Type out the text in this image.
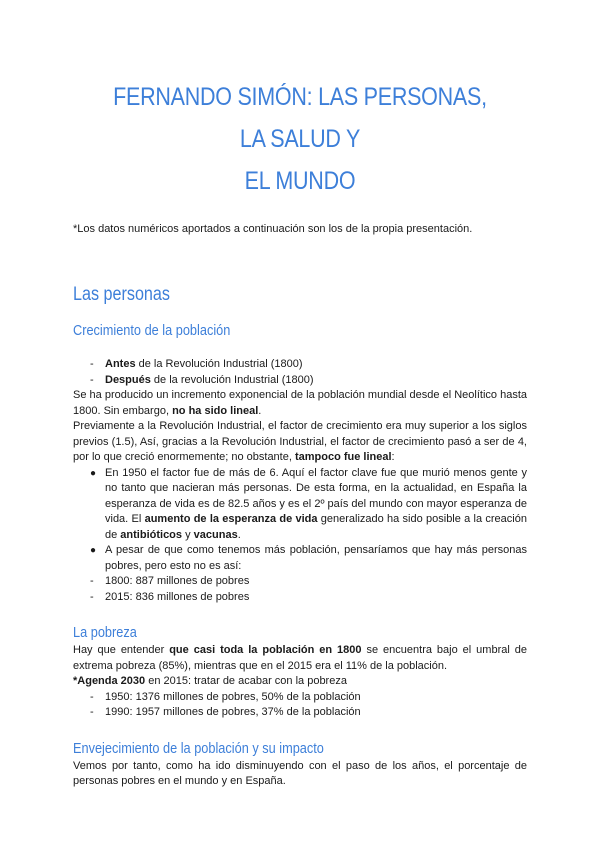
FERNANDO SIMÓN: LAS PERSONAS, LA SALUD Y
EL MUNDO

*Los datos numéricos aportados a continuación son los de la propia presentación.

Las personas
Crecimiento de la población
- Antes de la Revolución Industrial (1800)
- Después de la revolución Industrial (1800)

Se ha producido un incremento exponencial de la población mundial desde el Neolítico hasta 1800. Sin embargo, no ha sido lineal.

Previamente a la Revolución Industrial, el factor de crecimiento era muy superior a los siglos previos (1.5), Así, gracias a la Revolución Industrial, el factor de crecimiento pasó a ser de 4, por lo que creció enormemente; no obstante, tampoco fue lineal:

● En 1950 el factor fue de más de 6. Aquí el factor clave fue que murió menos gente y no tanto que nacieran más personas. De esta forma, en la actualidad, en España la esperanza de vida es de 82.5 años y es el 2º país del mundo con mayor esperanza de vida. El aumento de la esperanza de vida generalizado ha sido posible a la creación de antibióticos y vacunas.
● A pesar de que como tenemos más población, pensaríamos que hay más personas pobres, pero esto no es así:
- 1800: 887 millones de pobres
- 2015: 836 millones de pobres
La pobreza

Hay que entender que casi toda la población en 1800 se encuentra bajo el umbral de extrema pobreza (85%), mientras que en el 2015 era el 11% de la población.

*Agenda 2030 en 2015: tratar de acabar con la pobreza

- 1950: 1376 millones de pobres, 50% de la población
- 1990: 1957 millones de pobres, 37% de la población
Envejecimiento de la población y su impacto

Vemos por tanto, como ha ido disminuyendo con el paso de los años, el porcentaje de personas pobres en el mundo y en España.
